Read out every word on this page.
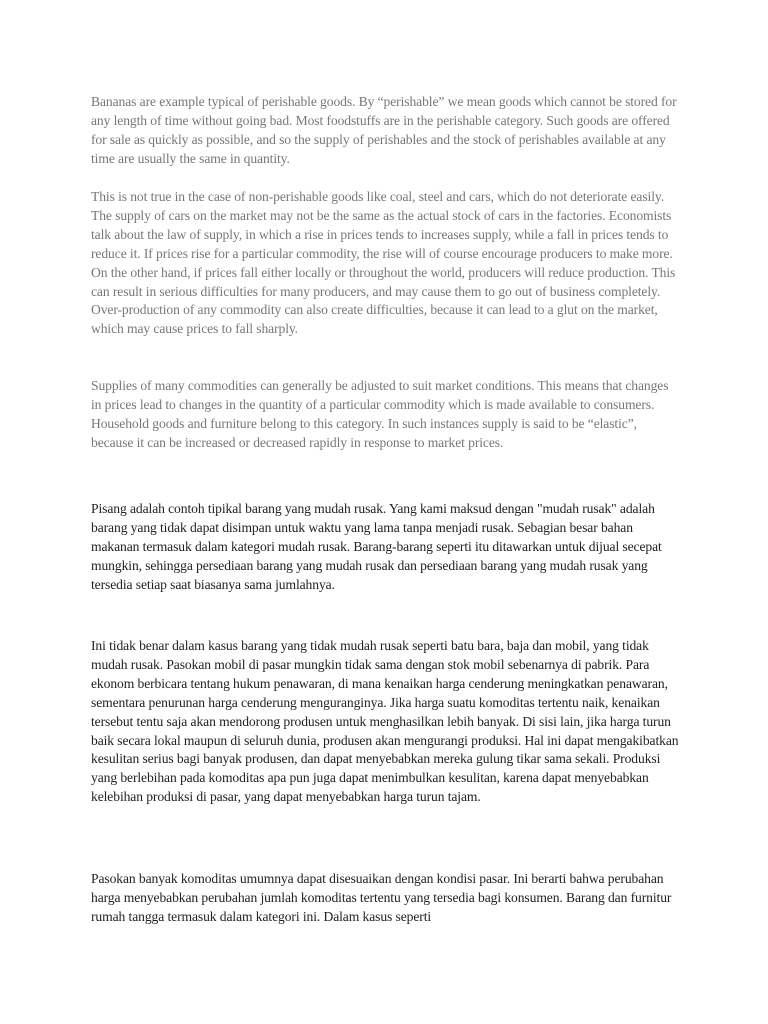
Bananas are example typical of perishable goods. By “perishable” we mean goods which cannot be stored for any length of time without going bad. Most foodstuffs are in the perishable category. Such goods are offered for sale as quickly as possible, and so the supply of perishables and the stock of perishables available at any time are usually the same in quantity.

This is not true in the case of non-perishable goods like coal, steel and cars, which do not deteriorate easily. The supply of cars on the market may not be the same as the actual stock of cars in the factories. Economists talk about the law of supply, in which a rise in prices tends to increases supply, while a fall in prices tends to reduce it. If prices rise for a particular commodity, the rise will of course encourage producers to make more. On the other hand, if prices fall either locally or throughout the world, producers will reduce production. This can result in serious difficulties for many producers, and may cause them to go out of business completely. Over-production of any commodity can also create difficulties, because it can lead to a glut on the market, which may cause prices to fall sharply.

Supplies of many commodities can generally be adjusted to suit market conditions. This means that changes in prices lead to changes in the quantity of a particular commodity which is made available to consumers. Household goods and furniture belong to this category. In such instances supply is said to be “elastic”, because it can be increased or decreased rapidly in response to market prices.

Pisang adalah contoh tipikal barang yang mudah rusak. Yang kami maksud dengan "mudah rusak" adalah barang yang tidak dapat disimpan untuk waktu yang lama tanpa menjadi rusak. Sebagian besar bahan makanan termasuk dalam kategori mudah rusak. Barang-barang seperti itu ditawarkan untuk dijual secepat mungkin, sehingga persediaan barang yang mudah rusak dan persediaan barang yang mudah rusak yang tersedia setiap saat biasanya sama jumlahnya.

Ini tidak benar dalam kasus barang yang tidak mudah rusak seperti batu bara, baja dan mobil, yang tidak mudah rusak. Pasokan mobil di pasar mungkin tidak sama dengan stok mobil sebenarnya di pabrik. Para ekonom berbicara tentang hukum penawaran, di mana kenaikan harga cenderung meningkatkan penawaran, sementara penurunan harga cenderung menguranginya. Jika harga suatu komoditas tertentu naik, kenaikan tersebut tentu saja akan mendorong produsen untuk menghasilkan lebih banyak. Di sisi lain, jika harga turun baik secara lokal maupun di seluruh dunia, produsen akan mengurangi produksi. Hal ini dapat mengakibatkan kesulitan serius bagi banyak produsen, dan dapat menyebabkan mereka gulung tikar sama sekali. Produksi yang berlebihan pada komoditas apa pun juga dapat menimbulkan kesulitan, karena dapat menyebabkan kelebihan produksi di pasar, yang dapat menyebabkan harga turun tajam.

Pasokan banyak komoditas umumnya dapat disesuaikan dengan kondisi pasar. Ini berarti bahwa perubahan harga menyebabkan perubahan jumlah komoditas tertentu yang tersedia bagi konsumen. Barang dan furnitur rumah tangga termasuk dalam kategori ini. Dalam kasus seperti
